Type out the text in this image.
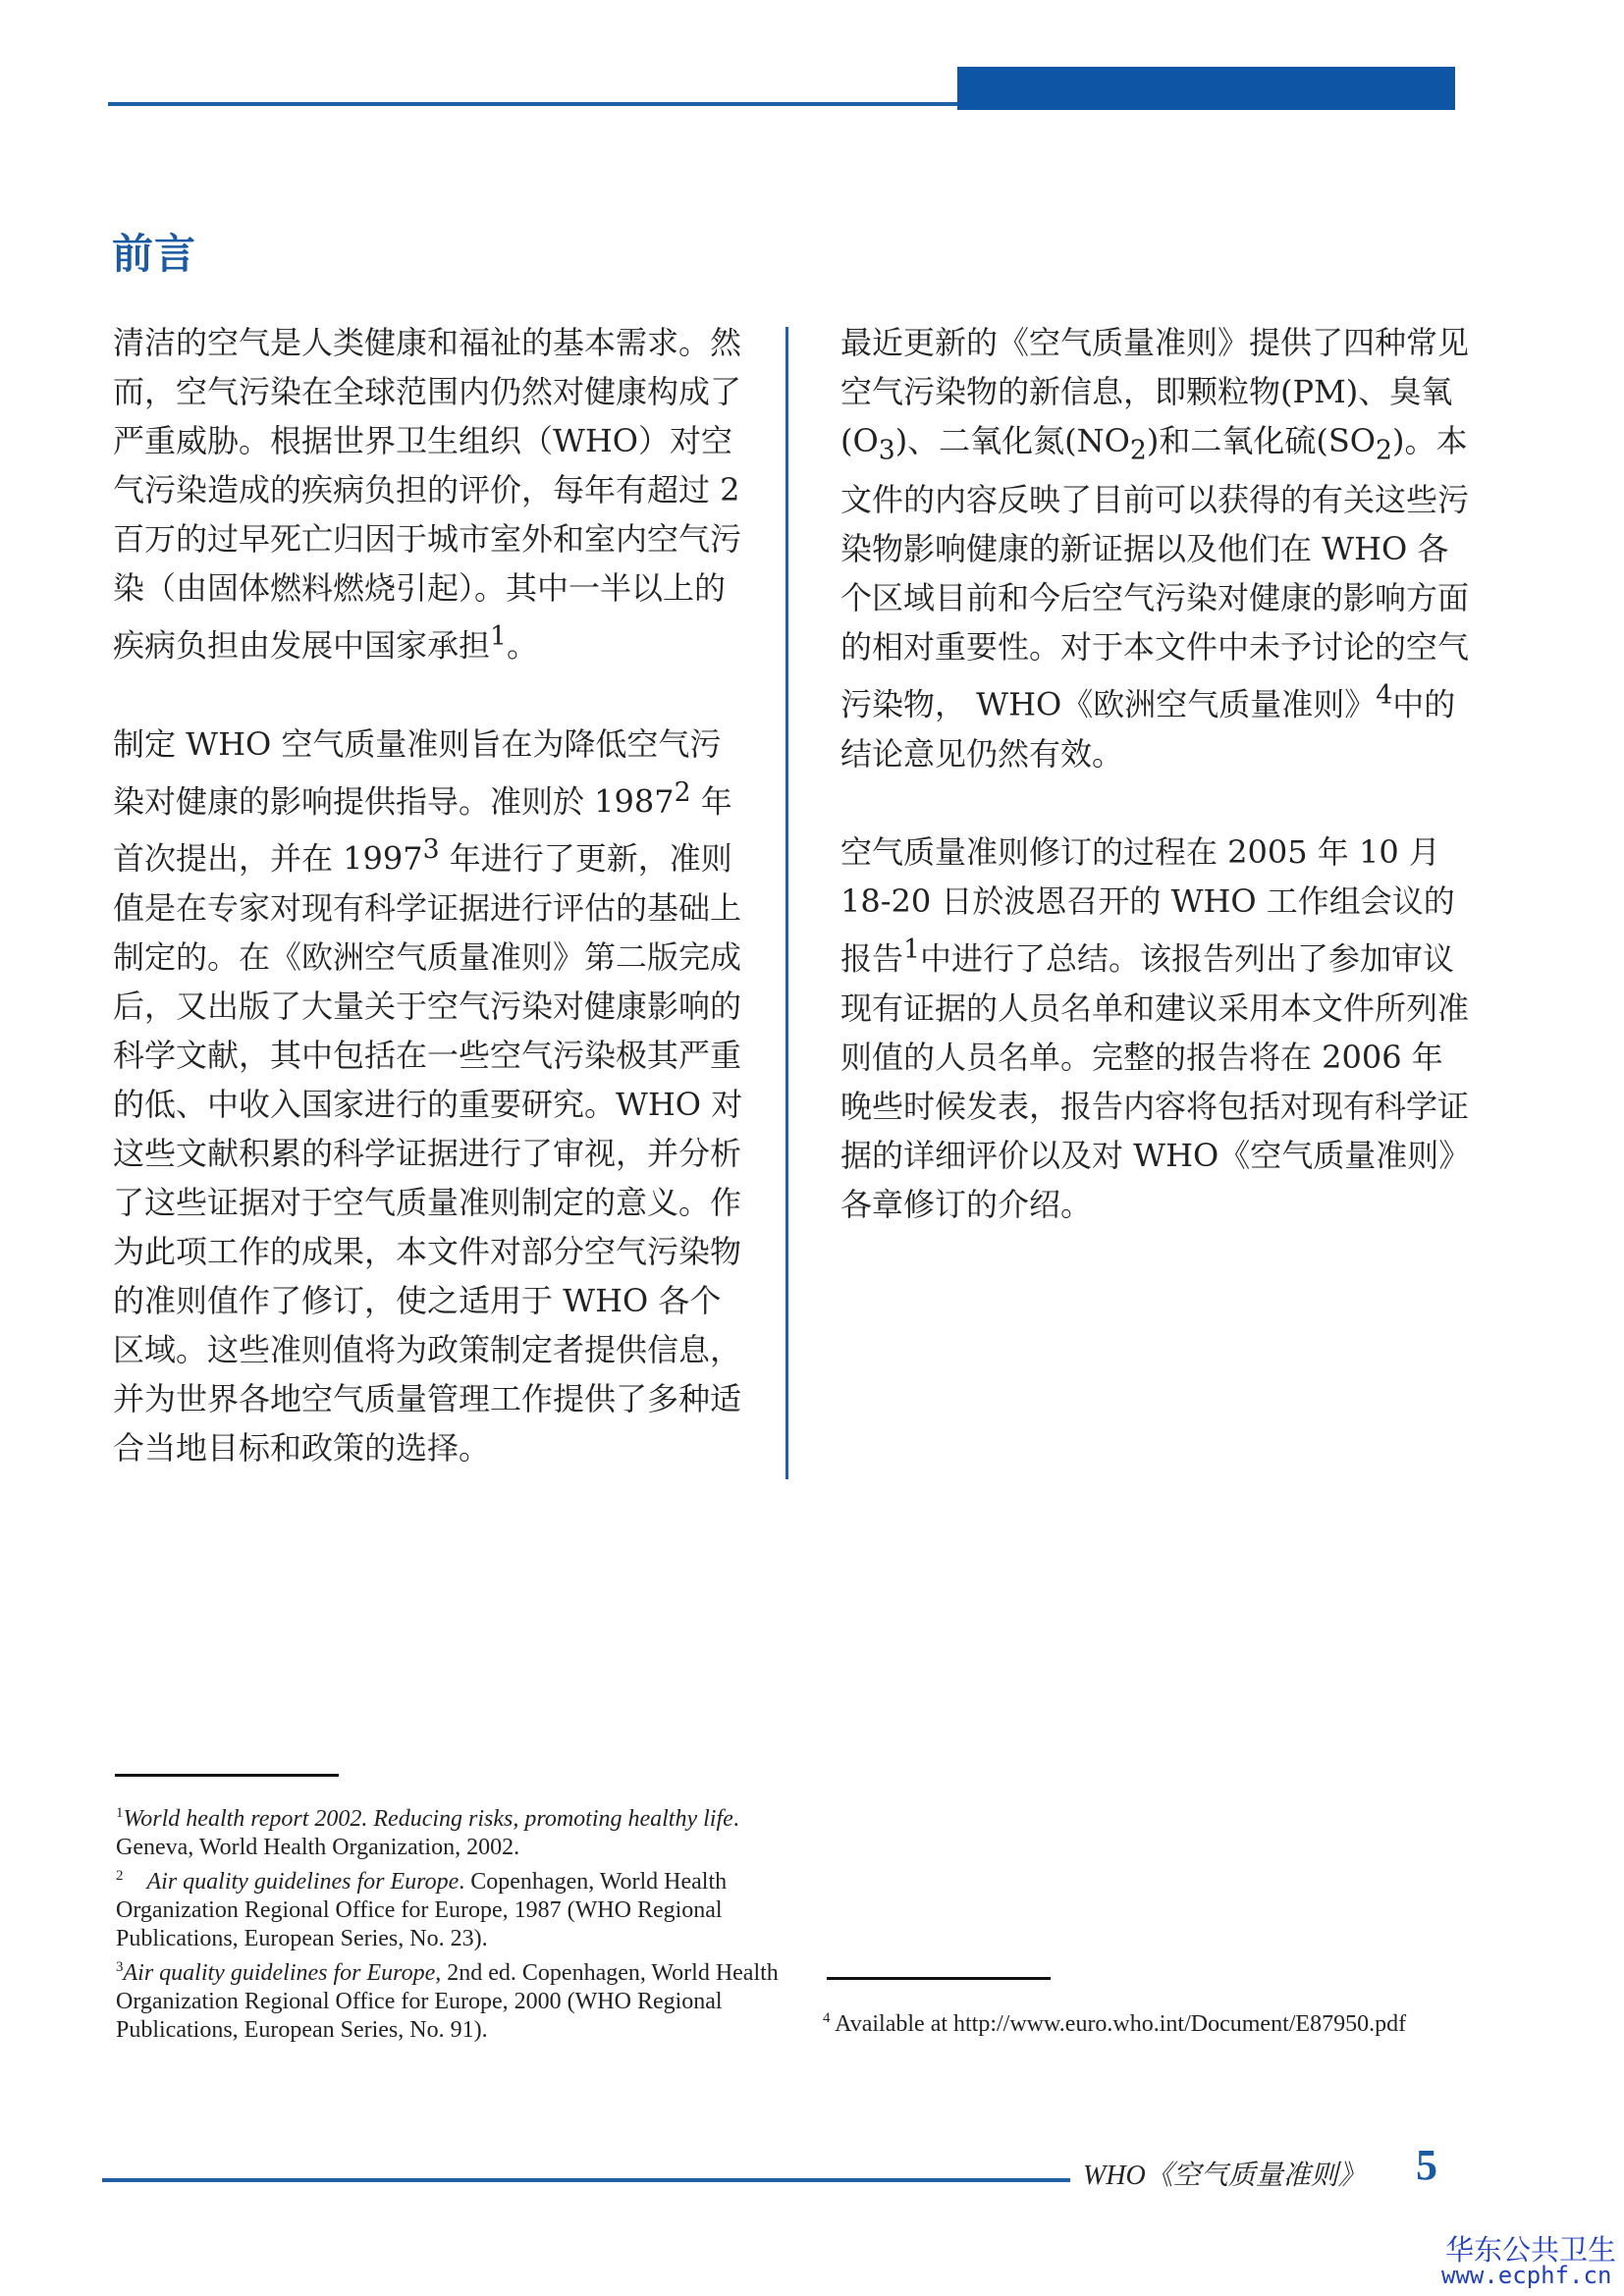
前言

清洁的空气是人类健康和福祉的基本需求。然而，空气污染在全球范围内仍然对健康构成了严重威胁。根据世界卫生组织（WHO）对空气污染造成的疾病负担的评价，每年有超过 2 百万的过早死亡归因于城市室外和室内空气污染（由固体燃料燃烧引起）。其中一半以上的疾病负担由发展中国家承担$^1$。

制定 WHO 空气质量准则旨在为降低空气污染对健康的影响提供指导。准则於 1987$^2$ 年首次提出，并在 1997$^3$ 年进行了更新，准则值是在专家对现有科学证据进行评估的基础上制定的。在《欧洲空气质量准则》第二版完成后，又出版了大量关于空气污染对健康影响的科学文献，其中包括在一些空气污染极其严重的低、中收入国家进行的重要研究。WHO 对这些文献积累的科学证据进行了审视，并分析了这些证据对于空气质量准则制定的意义。作为此项工作的成果，本文件对部分空气污染物的准则值作了修订，使之适用于 WHO 各个区域。这些准则值将为政策制定者提供信息，并为世界各地空气质量管理工作提供了多种适合当地目标和政策的选择。

最近更新的《空气质量准则》提供了四种常见空气污染物的新信息，即颗粒物(PM)、臭氧$(O_3)$、二氧化氮$(NO_2)$和二氧化硫$(SO_2)$。本文件的内容反映了目前可以获得的有关这些污染物影响健康的新证据以及他们在 WHO 各个区域目前和今后空气污染对健康的影响方面的相对重要性。对于本文件中未予讨论的空气污染物， WHO《欧洲空气质量准则》$^4$中的结论意见仍然有效。

空气质量准则修订的过程在 2005 年 10 月 18-20 日於波恩召开的 WHO 工作组会议的报告$^1$中进行了总结。该报告列出了参加审议现有证据的人员名单和建议采用本文件所列准则值的人员名单。完整的报告将在 2006 年晚些时候发表，报告内容将包括对现有科学证据的详细评价以及对 WHO《空气质量准则》各章修订的介绍。

$^1$World health report 2002. Reducing risks, promoting healthy life. Geneva, World Health Organization, 2002.
$^2$ Air quality guidelines for Europe. Copenhagen, World Health Organization Regional Office for Europe, 1987 (WHO Regional Publications, European Series, No. 23).
$^3$Air quality guidelines for Europe, 2nd ed. Copenhagen, World Health Organization Regional Office for Europe, 2000 (WHO Regional Publications, European Series, No. 91).	$^4$ Available at http://www.euro.who.int/Document/E87950.pdf
WHO《空气质量准则》 5
华东公共卫生
www.ecphf.cn
